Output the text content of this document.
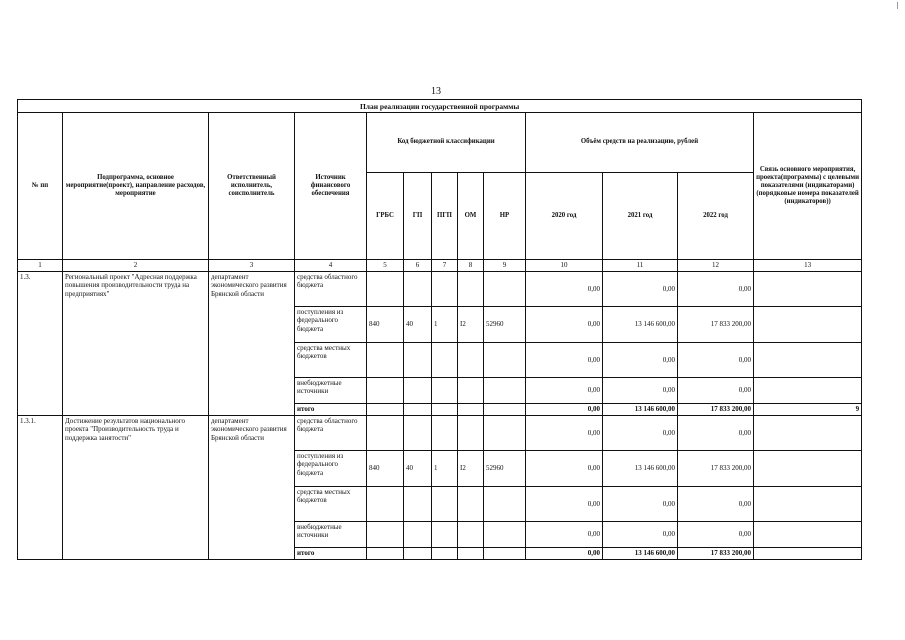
13
План реализации государственной программы												
№ пп	Подпрограмма, основное мероприятие(проект), направление расходов, мероприятие	Ответственный исполнитель, соисполнитель	Источник финансового обеспечения	Код бюджетной классификации					Объём средств на реализацию, рублей			Связь основного мероприятия, проекта(программы) с целевыми показателями (индикаторами) (порядковые номера показателей (индикаторов))
				ГРБС	ГП	ПГП	ОМ	НР	2020 год	2021 год	2022 год	
1	2	3	4	5	6	7	8	9	10	11	12	13
1.3.	Региональный проект "Адресная поддержка повышения производительности труда на предприятиях"	департамент экономического развития Брянской области	средства областного бюджета						0,00	0,00	0,00	
			поступления из федерального бюджета	840	40	1	I2	52960	0,00	13 146 600,00	17 833 200,00	
			средства местных бюджетов						0,00	0,00	0,00	
			внебюджетные источники						0,00	0,00	0,00	
			итого						0,00	13 146 600,00	17 833 200,00	9
1.3.1.	Достижение результатов национального проекта "Производительность труда и поддержка занятости"	департамент экономического развития Брянской области	средства областного бюджета						0,00	0,00	0,00	
			поступления из федерального бюджета	840	40	1	I2	52960	0,00	13 146 600,00	17 833 200,00	
			средства местных бюджетов						0,00	0,00	0,00	
			внебюджетные источники						0,00	0,00	0,00	
			итого						0,00	13 146 600,00	17 833 200,00	
